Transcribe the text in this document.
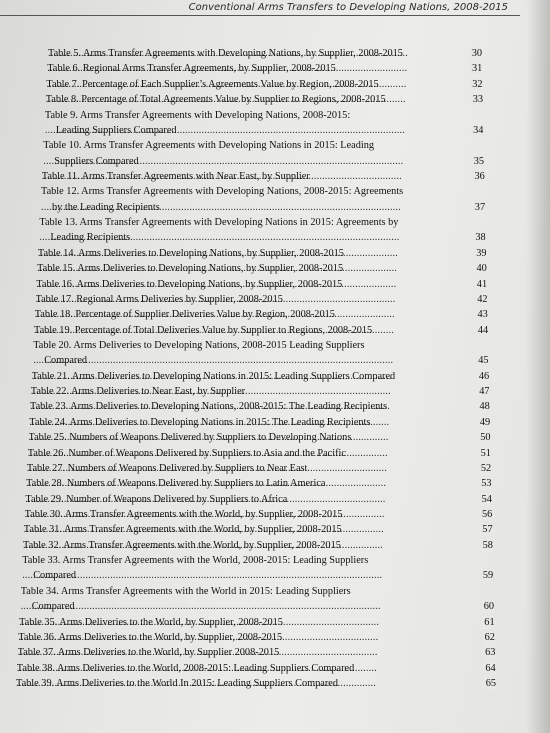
Conventional Arms Transfers to Developing Nations, 2008-2015
. . .
Table 5. Arms Transfer Agreements with Developing Nations, by Supplier, 2008-2015	30
. . .
Table 6. Regional Arms Transfer Agreements, by Supplier, 2008-2015	31
. . .
Table 7. Percentage of Each Supplier’s Agreements Value by Region, 2008-2015	32
. . .
Table 8. Percentage of Total Agreements Value by Supplier to Regions, 2008-2015	33
Table 9. Arms Transfer Agreements with Developing Nations, 2008-2015:
. . .
Leading Suppliers Compared	34
Table 10. Arms Transfer Agreements with Developing Nations in 2015: Leading
. . .
Suppliers Compared	35
. . .
Table 11. Arms Transfer Agreements with Near East, by Supplier	36
Table 12. Arms Transfer Agreements with Developing Nations, 2008-2015: Agreements
. . .
by the Leading Recipients	37
Table 13. Arms Transfer Agreements with Developing Nations in 2015: Agreements by
. . .
Leading Recipients	38
. . .
Table 14. Arms Deliveries to Developing Nations, by Supplier, 2008-2015	39
. . .
Table 15. Arms Deliveries to Developing Nations, by Supplier, 2008-2015	40
. . .
Table 16. Arms Deliveries to Developing Nations, by Supplier, 2008-2015	41
. . .
Table 17. Regional Arms Deliveries by Supplier, 2008-2015	42
. . .
Table 18. Percentage of Supplier Deliveries Value by Region, 2008-2015	43
. . .
Table 19. Percentage of Total Deliveries Value by Supplier to Regions, 2008-2015	44
Table 20. Arms Deliveries to Developing Nations, 2008-2015 Leading Suppliers
. . .
Compared	45
. . .
Table 21. Arms Deliveries to Developing Nations in 2015: Leading Suppliers Compared	46
. . .
Table 22. Arms Deliveries to Near East, by Supplier	47
. . .
Table 23. Arms Deliveries to Developing Nations, 2008-2015: The Leading Recipients	48
. . .
Table 24. Arms Deliveries to Developing Nations in 2015: The Leading Recipients	49
. . .
Table 25. Numbers of Weapons Delivered by Suppliers to Developing Nations	50
. . .
Table 26. Number of Weapons Delivered by Suppliers to Asia and the Pacific	51
. . .
Table 27. Numbers of Weapons Delivered by Suppliers to Near East	52
. . .
Table 28. Numbers of Weapons Delivered by Suppliers to Latin America	53
. . .
Table 29. Number of Weapons Delivered by Suppliers to Africa	54
. . .
Table 30. Arms Transfer Agreements with the World, by Supplier, 2008-2015	56
. . .
Table 31. Arms Transfer Agreements with the World, by Supplier, 2008-2015	57
. . .
Table 32. Arms Transfer Agreements with the World, by Supplier, 2008-2015	58
Table 33. Arms Transfer Agreements with the World, 2008-2015: Leading Suppliers
. . .
Compared	59
Table 34. Arms Transfer Agreements with the World in 2015: Leading Suppliers
. . .
Compared	60
. . .
Table 35. Arms Deliveries to the World, by Supplier, 2008-2015	61
. . .
Table 36. Arms Deliveries to the World, by Supplier, 2008-2015	62
. . .
Table 37. Arms Deliveries to the World, by Supplier 2008-2015	63
. . .
Table 38. Arms Deliveries to the World, 2008-2015: Leading Suppliers Compared	64
. . .
Table 39. Arms Deliveries to the World In 2015: Leading Suppliers Compared	65
